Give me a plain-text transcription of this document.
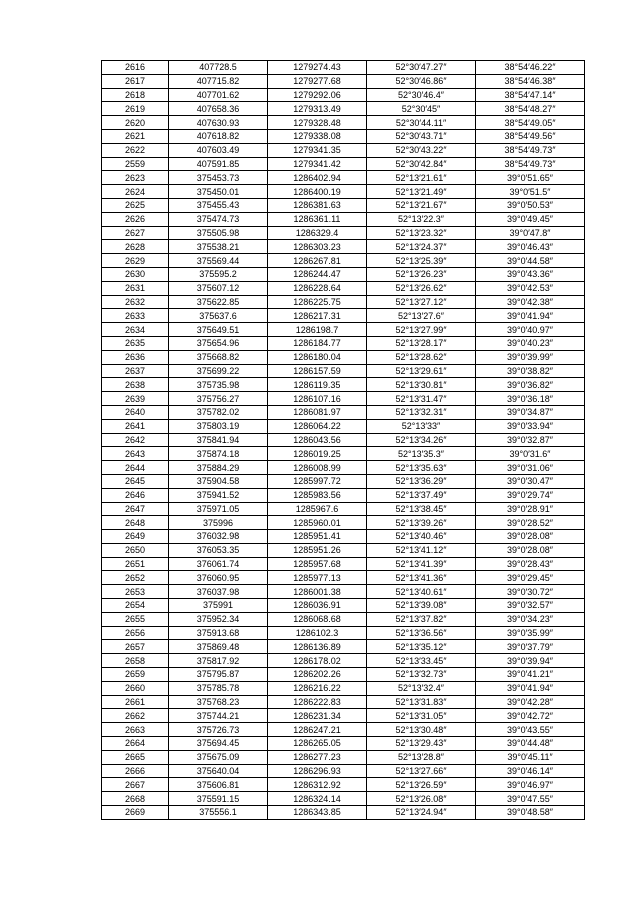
2616	407728.5	1279274.43	52°30′47.27″	38°54′46.22″
2617	407715.82	1279277.68	52°30′46.86″	38°54′46.38″
2618	407701.62	1279292.06	52°30′46.4″	38°54′47.14″
2619	407658.36	1279313.49	52°30′45″	38°54′48.27″
2620	407630.93	1279328.48	52°30′44.11″	38°54′49.05″
2621	407618.82	1279338.08	52°30′43.71″	38°54′49.56″
2622	407603.49	1279341.35	52°30′43.22″	38°54′49.73″
2559	407591.85	1279341.42	52°30′42.84″	38°54′49.73″
2623	375453.73	1286402.94	52°13′21.61″	39°0′51.65″
2624	375450.01	1286400.19	52°13′21.49″	39°0′51.5″
2625	375455.43	1286381.63	52°13′21.67″	39°0′50.53″
2626	375474.73	1286361.11	52°13′22.3″	39°0′49.45″
2627	375505.98	1286329.4	52°13′23.32″	39°0′47.8″
2628	375538.21	1286303.23	52°13′24.37″	39°0′46.43″
2629	375569.44	1286267.81	52°13′25.39″	39°0′44.58″
2630	375595.2	1286244.47	52°13′26.23″	39°0′43.36″
2631	375607.12	1286228.64	52°13′26.62″	39°0′42.53″
2632	375622.85	1286225.75	52°13′27.12″	39°0′42.38″
2633	375637.6	1286217.31	52°13′27.6″	39°0′41.94″
2634	375649.51	1286198.7	52°13′27.99″	39°0′40.97″
2635	375654.96	1286184.77	52°13′28.17″	39°0′40.23″
2636	375668.82	1286180.04	52°13′28.62″	39°0′39.99″
2637	375699.22	1286157.59	52°13′29.61″	39°0′38.82″
2638	375735.98	1286119.35	52°13′30.81″	39°0′36.82″
2639	375756.27	1286107.16	52°13′31.47″	39°0′36.18″
2640	375782.02	1286081.97	52°13′32.31″	39°0′34.87″
2641	375803.19	1286064.22	52°13′33″	39°0′33.94″
2642	375841.94	1286043.56	52°13′34.26″	39°0′32.87″
2643	375874.18	1286019.25	52°13′35.3″	39°0′31.6″
2644	375884.29	1286008.99	52°13′35.63″	39°0′31.06″
2645	375904.58	1285997.72	52°13′36.29″	39°0′30.47″
2646	375941.52	1285983.56	52°13′37.49″	39°0′29.74″
2647	375971.05	1285967.6	52°13′38.45″	39°0′28.91″
2648	375996	1285960.01	52°13′39.26″	39°0′28.52″
2649	376032.98	1285951.41	52°13′40.46″	39°0′28.08″
2650	376053.35	1285951.26	52°13′41.12″	39°0′28.08″
2651	376061.74	1285957.68	52°13′41.39″	39°0′28.43″
2652	376060.95	1285977.13	52°13′41.36″	39°0′29.45″
2653	376037.98	1286001.38	52°13′40.61″	39°0′30.72″
2654	375991	1286036.91	52°13′39.08″	39°0′32.57″
2655	375952.34	1286068.68	52°13′37.82″	39°0′34.23″
2656	375913.68	1286102.3	52°13′36.56″	39°0′35.99″
2657	375869.48	1286136.89	52°13′35.12″	39°0′37.79″
2658	375817.92	1286178.02	52°13′33.45″	39°0′39.94″
2659	375795.87	1286202.26	52°13′32.73″	39°0′41.21″
2660	375785.78	1286216.22	52°13′32.4″	39°0′41.94″
2661	375768.23	1286222.83	52°13′31.83″	39°0′42.28″
2662	375744.21	1286231.34	52°13′31.05″	39°0′42.72″
2663	375726.73	1286247.21	52°13′30.48″	39°0′43.55″
2664	375694.45	1286265.05	52°13′29.43″	39°0′44.48″
2665	375675.09	1286277.23	52°13′28.8″	39°0′45.11″
2666	375640.04	1286296.93	52°13′27.66″	39°0′46.14″
2667	375606.81	1286312.92	52°13′26.59″	39°0′46.97″
2668	375591.15	1286324.14	52°13′26.08″	39°0′47.55″
2669	375556.1	1286343.85	52°13′24.94″	39°0′48.58″
